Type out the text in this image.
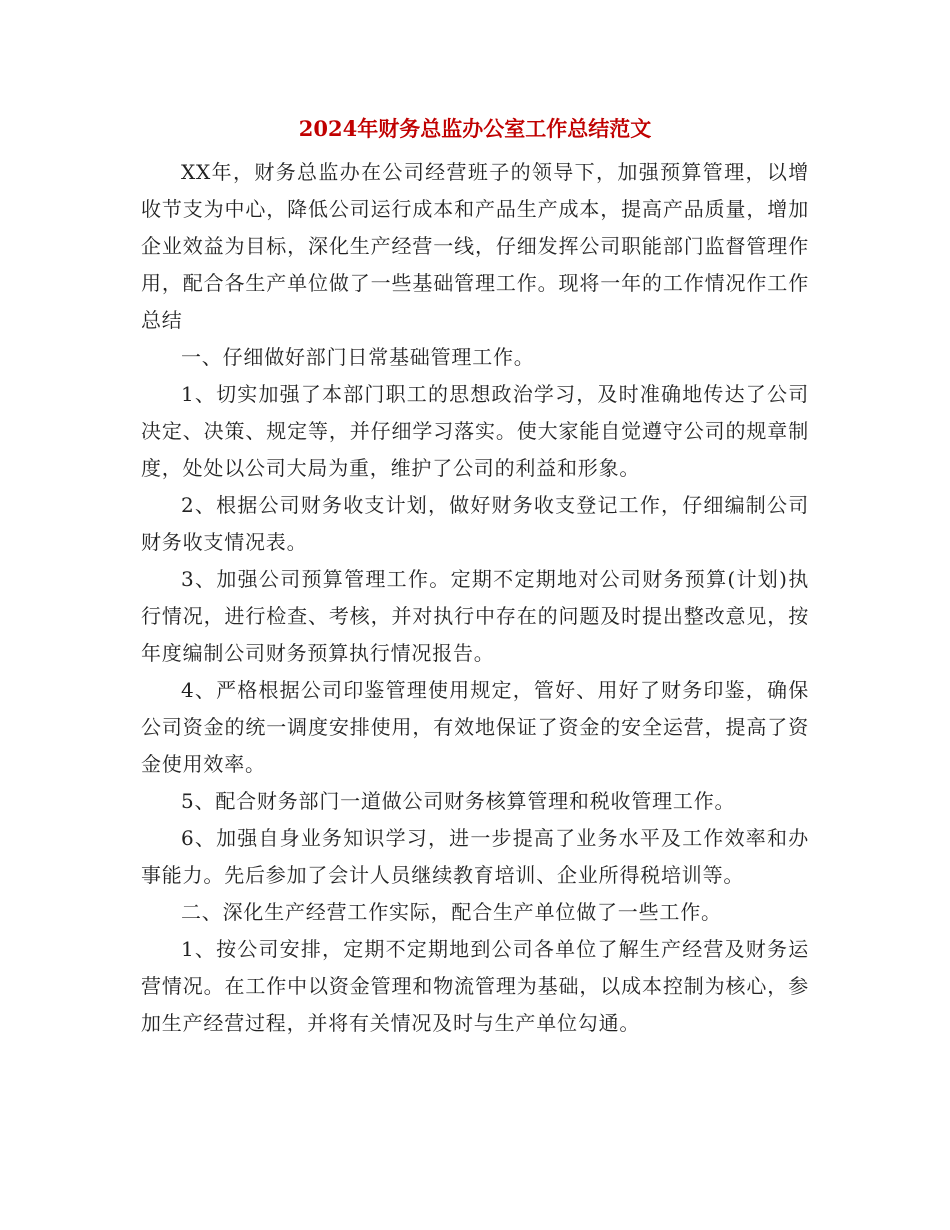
2024年财务总监办公室工作总结范文

XX年，财务总监办在公司经营班子的领导下，加强预算管理，以增收节支为中心，降低公司运行成本和产品生产成本，提高产品质量，增加企业效益为目标，深化生产经营一线，仔细发挥公司职能部门监督管理作用，配合各生产单位做了一些基础管理工作。现将一年的工作情况作工作总结

一、仔细做好部门日常基础管理工作。

1、切实加强了本部门职工的思想政治学习，及时准确地传达了公司决定、决策、规定等，并仔细学习落实。使大家能自觉遵守公司的规章制度，处处以公司大局为重，维护了公司的利益和形象。

2、根据公司财务收支计划，做好财务收支登记工作，仔细编制公司财务收支情况表。

3、加强公司预算管理工作。定期不定期地对公司财务预算(计划)执行情况，进行检查、考核，并对执行中存在的问题及时提出整改意见，按年度编制公司财务预算执行情况报告。

4、严格根据公司印鉴管理使用规定，管好、用好了财务印鉴，确保公司资金的统一调度安排使用，有效地保证了资金的安全运营，提高了资金使用效率。

5、配合财务部门一道做公司财务核算管理和税收管理工作。

6、加强自身业务知识学习，进一步提高了业务水平及工作效率和办事能力。先后参加了会计人员继续教育培训、企业所得税培训等。

二、深化生产经营工作实际，配合生产单位做了一些工作。

1、按公司安排，定期不定期地到公司各单位了解生产经营及财务运营情况。在工作中以资金管理和物流管理为基础，以成本控制为核心，参加生产经营过程，并将有关情况及时与生产单位勾通。
